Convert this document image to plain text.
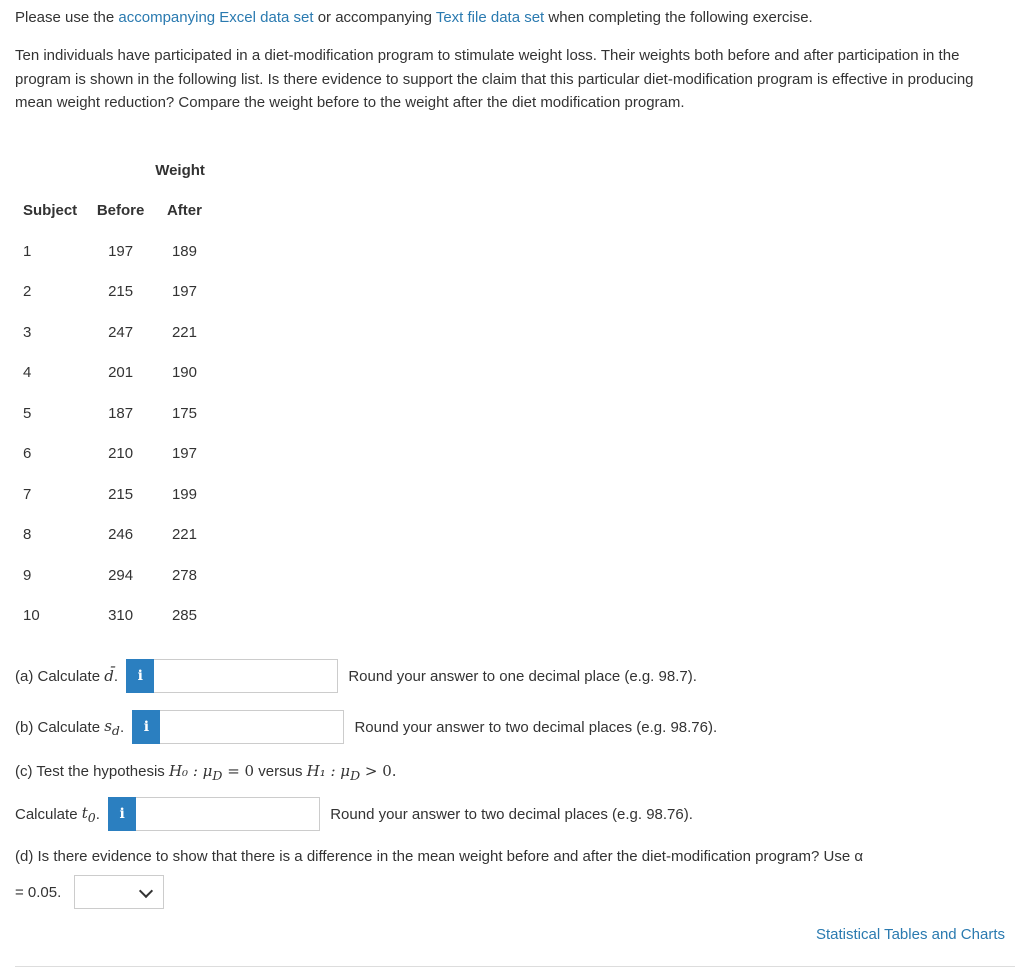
Please use the accompanying Excel data set or accompanying Text file data set when completing the following exercise.

Ten individuals have participated in a diet-modification program to stimulate weight loss. Their weights both before and after participation in the program is shown in the following list. Is there evidence to support the claim that this particular diet-modification program is effective in producing mean weight reduction? Compare the weight before to the weight after the diet modification program.

	Weight	
Subject	Before	After
1	197	189
2	215	197
3	247	221
4	201	190
5	187	175
6	210	197
7	215	199
8	246	221
9	294	278
10	310	285
(a) Calculate
d̄ . i	Round your answer to one decimal place (e.g. 98.7).
(b) Calculate
$s_d$ . i	Round your answer to two decimal places (e.g. 98.76).
(c) Test the hypothesis H₀ : $\mu_D = 0$ versus H₁ : $\mu_D > 0$.
Calculate
$t_0$ . i	Round your answer to two decimal places (e.g. 98.76).
(d) Is there evidence to show that there is a difference in the mean weight before and after the diet-modification program? Use α
= 0.05.
Statistical Tables and Charts
